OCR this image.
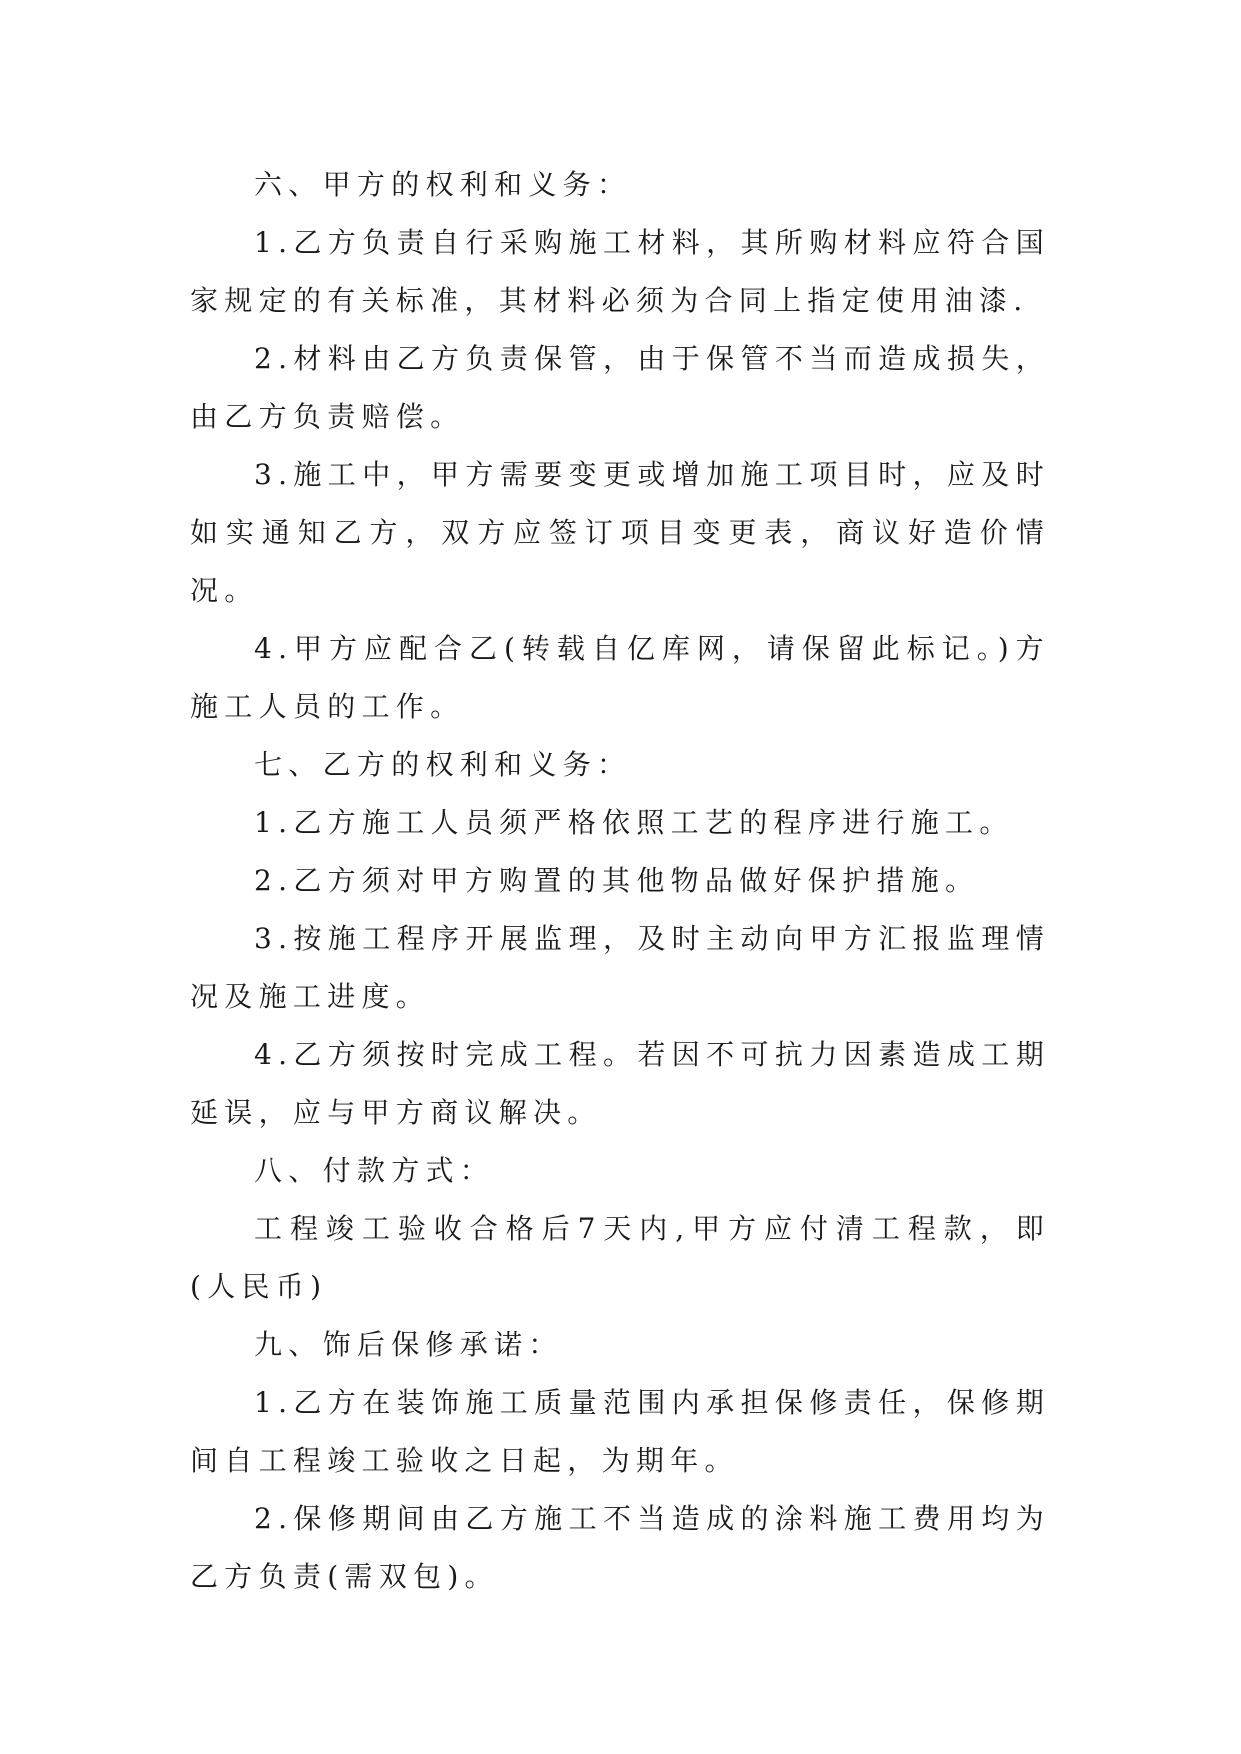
六、甲方的权利和义务：

1.乙方负责自行采购施工材料，其所购材料应符合国家规定的有关标准，其材料必须为合同上指定使用油漆.

2.材料由乙方负责保管，由于保管不当而造成损失，由乙方负责赔偿。

3.施工中，甲方需要变更或增加施工项目时，应及时如实通知乙方，双方应签订项目变更表，商议好造价情况。

4.甲方应配合乙(转载自亿库网，请保留此标记。)方施工人员的工作。

七、乙方的权利和义务：

1.乙方施工人员须严格依照工艺的程序进行施工。

2.乙方须对甲方购置的其他物品做好保护措施。

3.按施工程序开展监理，及时主动向甲方汇报监理情况及施工进度。

4.乙方须按时完成工程。若因不可抗力因素造成工期延误，应与甲方商议解决。

八、付款方式：

工程竣工验收合格后7天内,甲方应付清工程款，即(人民币)

九、饰后保修承诺：

1.乙方在装饰施工质量范围内承担保修责任，保修期间自工程竣工验收之日起，为期年。

2.保修期间由乙方施工不当造成的涂料施工费用均为乙方负责(需双包)。
